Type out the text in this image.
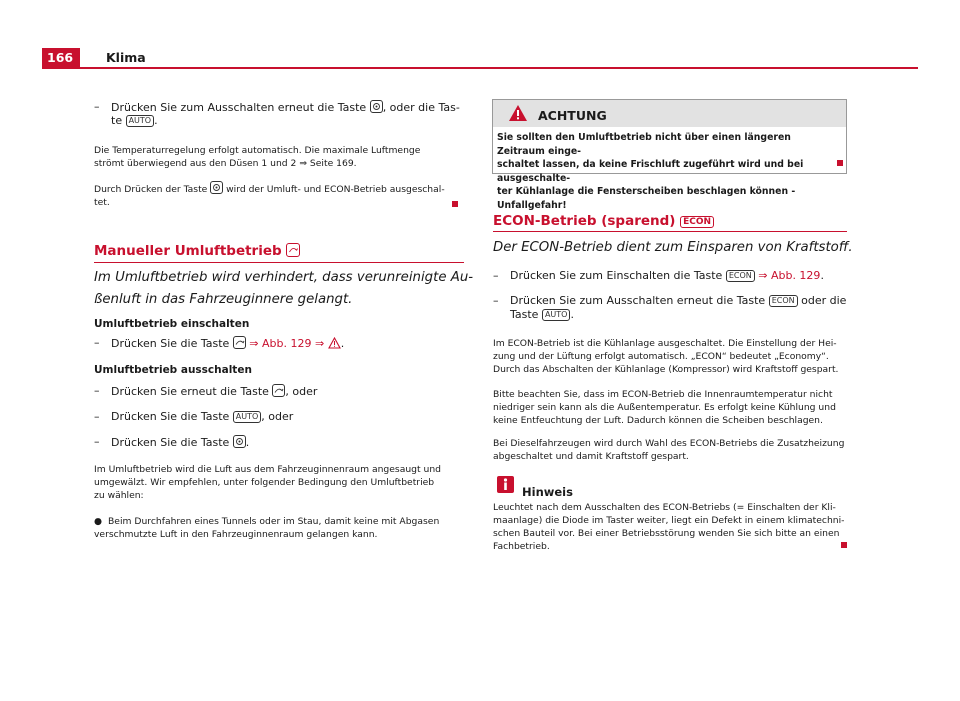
166	Klima
– Drücken Sie zum Ausschalten erneut die Taste
, oder die Tas-
te AUTO .
Die Temperaturregelung erfolgt automatisch. Die maximale Luftmenge
strömt überwiegend aus den Düsen 1 und 2 ⇒ Seite 169.
Durch Drücken der Taste
wird der Umluft- und ECON-Betrieb ausgeschal-
tet.
Manueller Umluftbetrieb
Im Umluftbetrieb wird verhindert, dass verunreinigte Au-
ßenluft in das Fahrzeuginnere gelangt.
Umluftbetrieb einschalten
– Drücken Sie die Taste
⇒ Abb. 129 ⇒ .
Umluftbetrieb ausschalten
– Drücken Sie erneut die Taste
, oder
– Drücken Sie die Taste AUTO , oder
– Drücken Sie die Taste
.
Im Umluftbetrieb wird die Luft aus dem Fahrzeuginnenraum angesaugt und
umgewälzt. Wir empfehlen, unter folgender Bedingung den Umluftbetrieb
zu wählen:
● Beim Durchfahren eines Tunnels oder im Stau, damit keine mit Abgasen
verschmutzte Luft in den Fahrzeuginnenraum gelangen kann.
ACHTUNG
Sie sollten den Umluftbetrieb nicht über einen längeren Zeitraum einge-
schaltet lassen, da keine Frischluft zugeführt wird und bei ausgeschalte-
ter Kühlanlage die Fensterscheiben beschlagen können - Unfallgefahr!
ECON-Betrieb (sparend) ECON
Der ECON-Betrieb dient zum Einsparen von Kraftstoff.
– Drücken Sie zum Einschalten die Taste ECON ⇒ Abb. 129.
– Drücken Sie zum Ausschalten erneut die Taste ECON oder die
Taste AUTO .
Im ECON-Betrieb ist die Kühlanlage ausgeschaltet. Die Einstellung der Hei-
zung und der Lüftung erfolgt automatisch. „ECON“ bedeutet „Economy“.
Durch das Abschalten der Kühlanlage (Kompressor) wird Kraftstoff gespart.
Bitte beachten Sie, dass im ECON-Betrieb die Innenraumtemperatur nicht
niedriger sein kann als die Außentemperatur. Es erfolgt keine Kühlung und
keine Entfeuchtung der Luft. Dadurch können die Scheiben beschlagen.
Bei Dieselfahrzeugen wird durch Wahl des ECON-Betriebs die Zusatzheizung
abgeschaltet und damit Kraftstoff gespart.
Hinweis
Leuchtet nach dem Ausschalten des ECON-Betriebs (= Einschalten der Kli-
maanlage) die Diode im Taster weiter, liegt ein Defekt in einem klimatechni-
schen Bauteil vor. Bei einer Betriebsstörung wenden Sie sich bitte an einen
Fachbetrieb.
